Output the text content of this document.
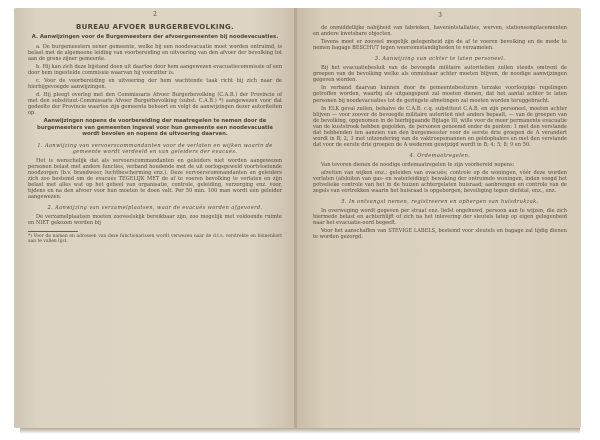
2
BUREAU AFVOER BURGERBEVOLKING.
A. Aanwijzingen voor de Burgemeesters der afvoergemeenten bij noodevacuaties.

a. De burgemeesters eener gemeente, welke bij een noodevacuatie moet worden ontruimd, is belast met de algemeene leiding van voorbereiding en uitvoering van den afvoer der bevolking tot aan de grens zijner gemeente.

b. Hij kan zich deze bijstand doen uit daartoe door hem aangewezen evacuatiecommissie of een door hem ingestelde commissie waarvan hij voorzitter is.

c. Voor de voorbereiding en uitvoering der hem wachtende taak richt hij zich naar de hierbijgevoegde aanwijzingen.

d. Hij pleegt overleg met den Commissaris Afvoer Burgerbevolking (C.A.B.) der Provincie of met den substituut-Commissaris Afvoer Burgerbevolking (subst. C.A.B.) *) aangewezen voor dat gedeelte der Provincie waartoe zijn gemeente behoort en volgt de aanwijzingen dezer autoriteiten op.

Aanwijzingen nopens de voorbereiding der maatregelen te nemen door de burgemeesters van gemeenten ingeval voor hun gemeente een noodevacuatie wordt bevolen en nopens de uitvoering daarvan.
1. Aanwijzing van vervoerscommandanten voor de verlaten en wijken waarin de gemeente wordt verdeeld en van geleiders der evacués.

Het is wenschelijk dat als vervoerscommandanten en geleiders niet worden aangewezen personen belast met andere functies, verband houdende met de uit oorlogsgeweld voortvloeiende noodzorgen (b.v. brandweer, luchtbescherming enz.). Deze vervoerscommandanten en geleiders zich zoo bestemd om de evacués TEGELIJK MET de af te voeren bevolking te verlaten en zijn belast met alles wat op het geheel van organisatie, controle, geleiding, verzorging enz. voor, tijdens en na den afvoer voor hun moeten te doen valt. Per 50 min. 100 man wordt één geleider aangewezen.

2. Aanwijzing van verzamelplaatsen, waar de evacués worden afgevoerd.

De verzamelplaatsen moeten zooveelskijk bereikbaar zijn, zoo mogelijk met voldoende ruimte en NIET gekozen worden bij

*) Voor de namen en adressen van deze functionarissen wordt verwezen naar de d.t.s. verstrekte en binnenkort aan te vullen lijst.

3

de onmiddellijke nabijheid van fabrieken, havenintstallaties, werven, stationsemplacementen en andere kwetsbare objecten.

Tevens moet er zooveel mogelijk gelegenheid zijn de af te voeren bevolking en de mede te nemen bagage BESCHUT tegen weersomstandigheden te verzamelen.

3. Aanwijzing van achter te laten personeel.

Bij het evacuatiebesluit van de bevoegde militaire autoriteiten zullen steeds omtrent de groepen van de bevolking welke als onmisbaar achter moeten blijven, de noodige aanwijzingen gegeven worden.

In verband daarvan kunnen door de gemeentebesturen terzake voorloopige regelingen getroffen worden, waarbij als uitgangspunt zal moeten dienen, dat het aantal achter te laten personen bij noodevacuaties tot de geringste afmetingen zal moeten worden teruggebracht.

In ELK geval zullen, behalve de C.A.B. c.q. substituut C.A.B. en zijn personeel, moeten achter blijven — voor zoover de bevoegde militaire autoriteit niet anders bepaalt, — van de groepen van de bevolking, opgenomen in de hierbijgaande Bijlage III, wille voor de meer permanente evacuatie van de kuststrook hebben gegolden, de personen genoemd onder de punten: 1 met den verstande dat hebbenden ten aanzien van den burgemeester voor de eerste drie groepen de A verandert wordt in B; 2; 3 met uitzondering van de vaktroepsmannen en geldophalers en met den verstande dat voor de eerste drie groepen de A wederom gewijzigd wordt in B; 4; 5; 8; 9 en 50.

4. Ordemaatregelen.

Van tevoren dienen de noodige ordemaatregelen te zijn voorbereid nopens:

afzetten van wijken enz.; geleiden van evacués; controle op de woningen, vóór deze worden verlaten (afsluiten van gas- en waterleiding); bewaking der ontruimde woningen, inden voogd het potvelieke controle van het in de huizen achtergelaten huisraad; aanbrengen en controle van de zegels van vertrekken waarin het huisraad is opgeborgen; beveiliging tegen diefstal, enz., enz.

5. In ontvangst nemen, registreeren en opbergen van huisdrukzak.

In overweging wordt gegeven per straat enz. liefst ongehuwd, persoon aan te wijzen, die zich hiermede belast en achterblijft of zich na het inlevering der sleutels latep op eigen gelegenheid naar het evacuatie-oord begeeft.

Voor het aanschaffen van STEVIGE LABELS, bestemd voor sleutels en bagage zal tijdig dienen te worden gezorgd.
